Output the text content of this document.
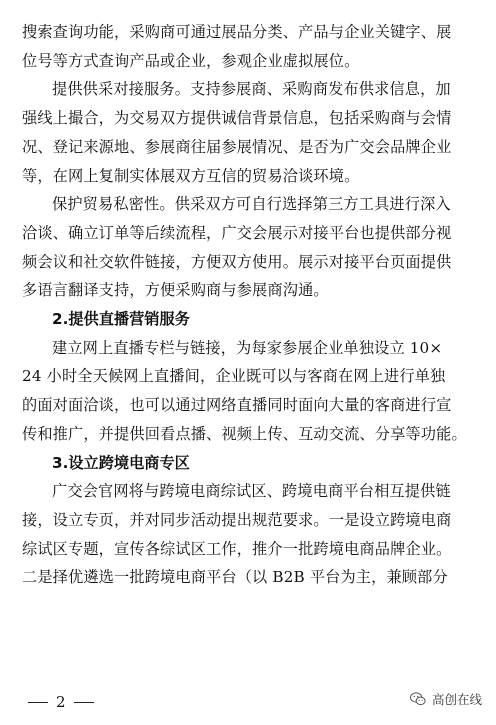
搜索查询功能，采购商可通过展品分类、产品与企业关键字、展

位号等方式查询产品或企业，参观企业虚拟展位。

提供供采对接服务。支持参展商、采购商发布供求信息，加

强线上撮合，为交易双方提供诚信背景信息，包括采购商与会情

况、登记来源地、参展商往届参展情况、是否为广交会品牌企业

等，在网上复制实体展双方互信的贸易洽谈环境。

保护贸易私密性。供采双方可自行选择第三方工具进行深入

洽谈、确立订单等后续流程，广交会展示对接平台也提供部分视

频会议和社交软件链接，方便双方使用。展示对接平台页面提供

多语言翻译支持，方便采购商与参展商沟通。

2.提供直播营销服务

建立网上直播专栏与链接，为每家参展企业单独设立 10×

24 小时全天候网上直播间，企业既可以与客商在网上进行单独

的面对面洽谈，也可以通过网络直播同时面向大量的客商进行宣

传和推广，并提供回看点播、视频上传、互动交流、分享等功能。

3.设立跨境电商专区

广交会官网将与跨境电商综试区、跨境电商平台相互提供链

接，设立专页，并对同步活动提出规范要求。一是设立跨境电商

综试区专题，宣传各综试区工作，推介一批跨境电商品牌企业。

二是择优遴选一批跨境电商平台（以 B2B 平台为主，兼顾部分

2	高创在线
